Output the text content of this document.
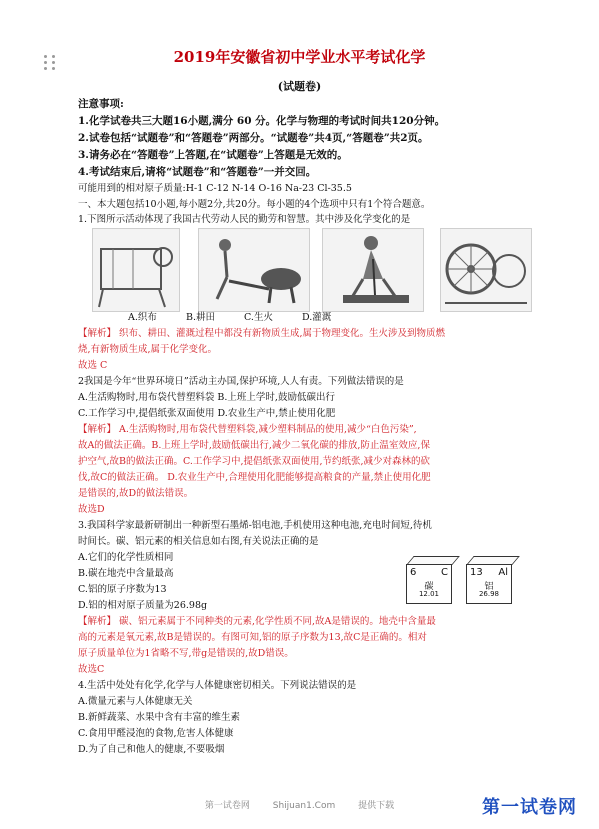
2019年安徽省初中学业水平考试化学
(试题卷)
注意事项:
1.化学试卷共三大题16小题,满分 60 分。化学与物理的考试时间共120分钟。
2.试卷包括“试题卷”和“答题卷”两部分。“试题卷”共4页,“答题卷”共2页。
3.请务必在“答题卷”上答题,在“试题卷”上答题是无效的。
4.考试结束后,请将“试题卷”和“答题卷”一并交回。
可能用到的相对原子质量:H-1 C-12 N-14 O-16 Na-23 Cl-35.5
一、本大题包括10小题,每小题2分,共20分。每小题的4个选项中只有1个符合题意。
1.下图所示活动体现了我国古代劳动人民的勤劳和智慧。其中涉及化学变化的是
A.织布	B.耕田	C.生火	D.灌溉
【解析】 织布、耕田、灌溉过程中都没有新物质生成,属于物理变化。生火涉及到物质燃
烧,有新物质生成,属于化学变化。
故选 C
2我国是今年“世界环境日”活动主办国,保护环境,人人有责。下列做法错误的是
A.生活购物时,用布袋代替塑料袋 B.上班上学时,鼓励低碳出行
C.工作学习中,提倡纸张双面使用 D.农业生产中,禁止使用化肥
【解析】 A.生活购物时,用布袋代替塑料袋,减少塑料制品的使用,减少“白色污染”,
故A的做法正确。B.上班上学时,鼓励低碳出行,减少二氧化碳的排放,防止温室效应,保
护空气,故B的做法正确。C.工作学习中,提倡纸张双面使用,节约纸张,减少对森林的砍
伐,故C的做法正确。 D.农业生产中,合理使用化肥能够提高粮食的产量,禁止使用化肥
是错误的,故D的做法错误。
故选D
3.我国科学家最新研制出一种新型石墨烯-铝电池,手机使用这种电池,充电时间短,待机
时间长。碳、铝元素的相关信息如右图,有关说法正确的是
A.它们的化学性质相同
B.碳在地壳中含量最高
C.铝的原子序数为13
D.铝的相对原子质量为26.98g
6 C
碳
12.01
13 Al
铝
26.98
【解析】 碳、铝元素属于不同种类的元素,化学性质不同,故A是错误的。地壳中含量最
高的元素是氧元素,故B是错误的。有图可知,铝的原子序数为13,故C是正确的。相对
原子质量单位为1省略不写,带g是错误的,故D错误。
故选C
4.生活中处处有化学,化学与人体健康密切相关。下列说法错误的是
A.微量元素与人体健康无关
B.新鲜蔬菜、水果中含有丰富的维生素
C.食用甲醛浸泡的食物,危害人体健康
D.为了自己和他人的健康,不要吸烟
第一试卷网	Shijuan1.Com	提供下载	第一试卷网
